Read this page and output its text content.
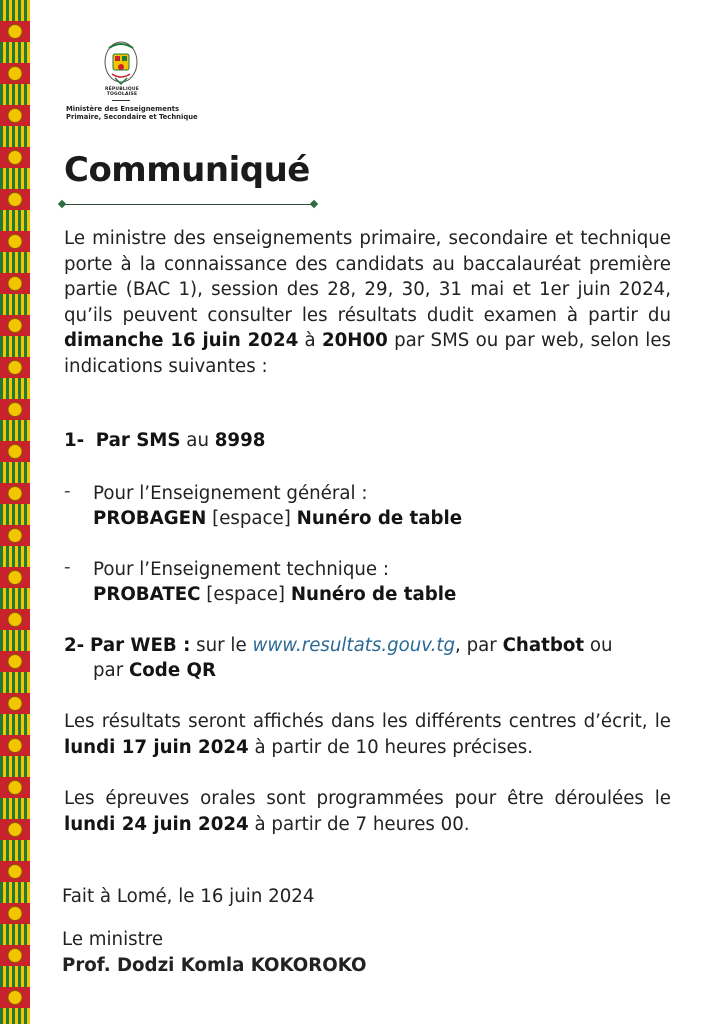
RÉPUBLIQUE TOGOLAISE
Ministère des Enseignements
Primaire, Secondaire et Technique
Communiqué
Le ministre des enseignements primaire, secondaire et technique porte à la connaissance des candidats au baccalauréat première partie (BAC 1), session des 28, 29, 30, 31 mai et 1er juin 2024, qu’ils peuvent consulter les résultats dudit examen à partir du dimanche 16 juin 2024 à 20H00 par SMS ou par web, selon les indications suivantes :
1- Par SMS au 8998
- Pour l’Enseignement général :
PROBAGEN [espace] Nunéro de table
- Pour l’Enseignement technique :
PROBATEC [espace] Nunéro de table
2- Par WEB : sur le www.resultats.gouv.tg, par Chatbot ou
par Code QR
Les résultats seront affichés dans les différents centres d’écrit, le lundi 17 juin 2024 à partir de 10 heures précises.
Les épreuves orales sont programmées pour être déroulées le lundi 24 juin 2024 à partir de 7 heures 00.
Fait à Lomé, le 16 juin 2024
Le ministre
Prof. Dodzi Komla KOKOROKO
